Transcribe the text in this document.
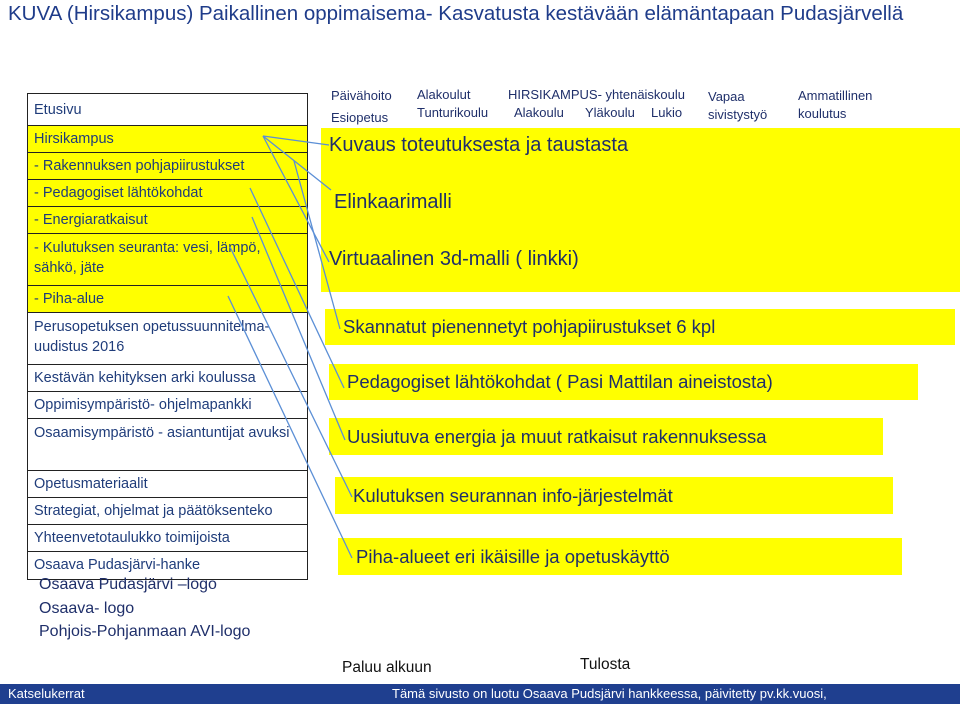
KUVA (Hirsikampus) Paikallinen oppimaisema- Kasvatusta kestävään elämäntapaan Pudasjärvellä
Etusivu
Hirsikampus
- Rakennuksen pohjapiirustukset
- Pedagogiset lähtökohdat
- Energiaratkaisut
- Kulutuksen seuranta: vesi, lämpö, sähkö, jäte
- Piha-alue
Perusopetuksen opetussuunnitelma-uudistus 2016
Kestävän kehityksen arki koulussa
Oppimisympäristö- ohjelmapankki
Osaamisympäristö - asiantuntijat avuksi
Opetusmateriaalit
Strategiat, ohjelmat ja päätöksenteko
Yhteenvetotaulukko toimijoista
Osaava Pudasjärvi-hanke
Osaava Pudasjärvi –logo
Osaava- logo
Pohjois-Pohjanmaan AVI-logo
Päivähoito
Esiopetus
Alakoulut
Tunturikoulu
HIRSIKAMPUS- yhtenäiskoulu
Alakoulu Yläkoulu Lukio
Vapaa
sivistystyö
Ammatillinen
koulutus
Kuvaus toteutuksesta ja taustasta
Elinkaarimalli
Virtuaalinen 3d-malli ( linkki)
Skannatut pienennetyt pohjapiirustukset 6 kpl
Pedagogiset lähtökohdat ( Pasi Mattilan aineistosta)
Uusiutuva energia ja muut ratkaisut rakennuksessa
Kulutuksen seurannan info-järjestelmät
Piha-alueet eri ikäisille ja opetuskäyttö
Paluu alkuun	Tulosta
Katselukerrat	Tämä sivusto on luotu Osaava Pudsjärvi hankkeessa, päivitetty pv.kk.vuosi,
